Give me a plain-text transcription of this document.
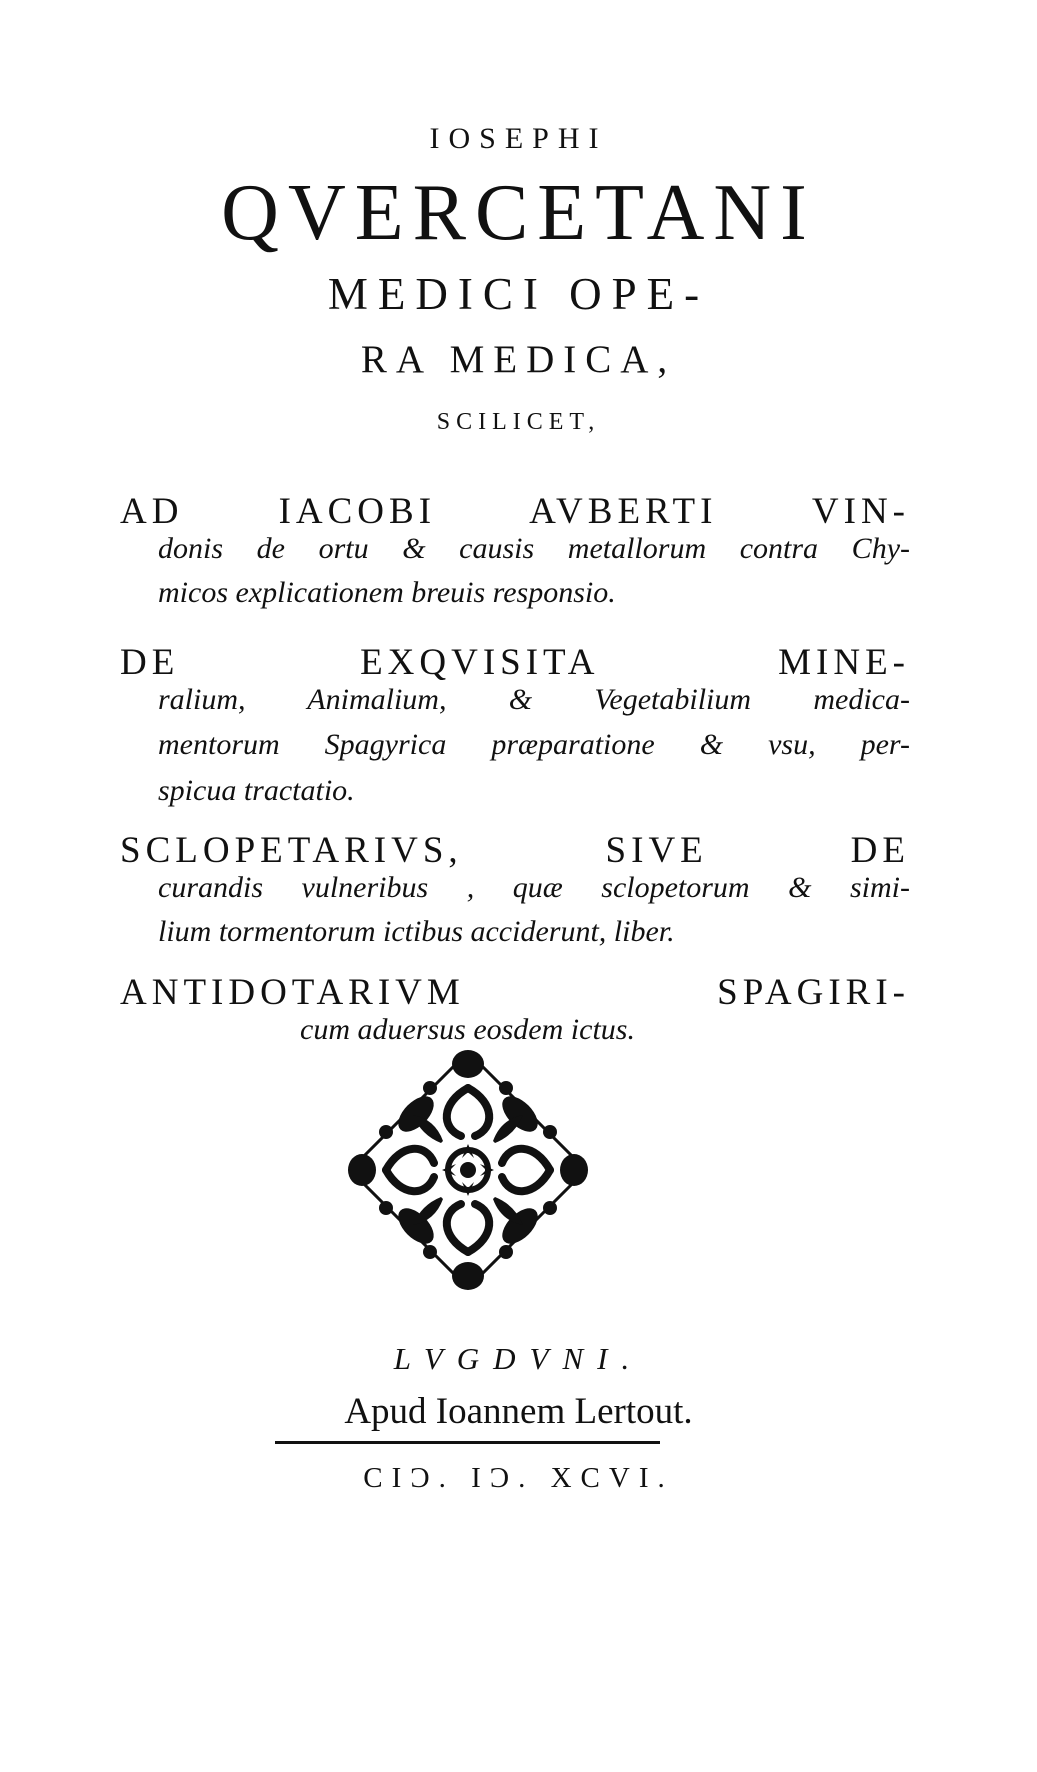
IOSEPHI

QVERCETANI

MEDICI OPE-

RA MEDICA,

SCILICET,

AD IACOBI AVBERTI VIN-

donis de ortu & causis metallorum contra Chy-

micos explicationem breuis responsio.

DE EXQVISITA MINE-

ralium, Animalium, & Vegetabilium medica-

mentorum Spagyrica præparatione & vsu, per-

spicua tractatio.

SCLOPETARIVS, SIVE DE

curandis vulneribus , quæ sclopetorum & simi-

lium tormentorum ictibus acciderunt, liber.

ANTIDOTARIVM SPAGIRI-

cum aduersus eosdem ictus.

LVGDVNI.

Apud Ioannem Lertout.

CIƆ. IƆ. XCVI.
